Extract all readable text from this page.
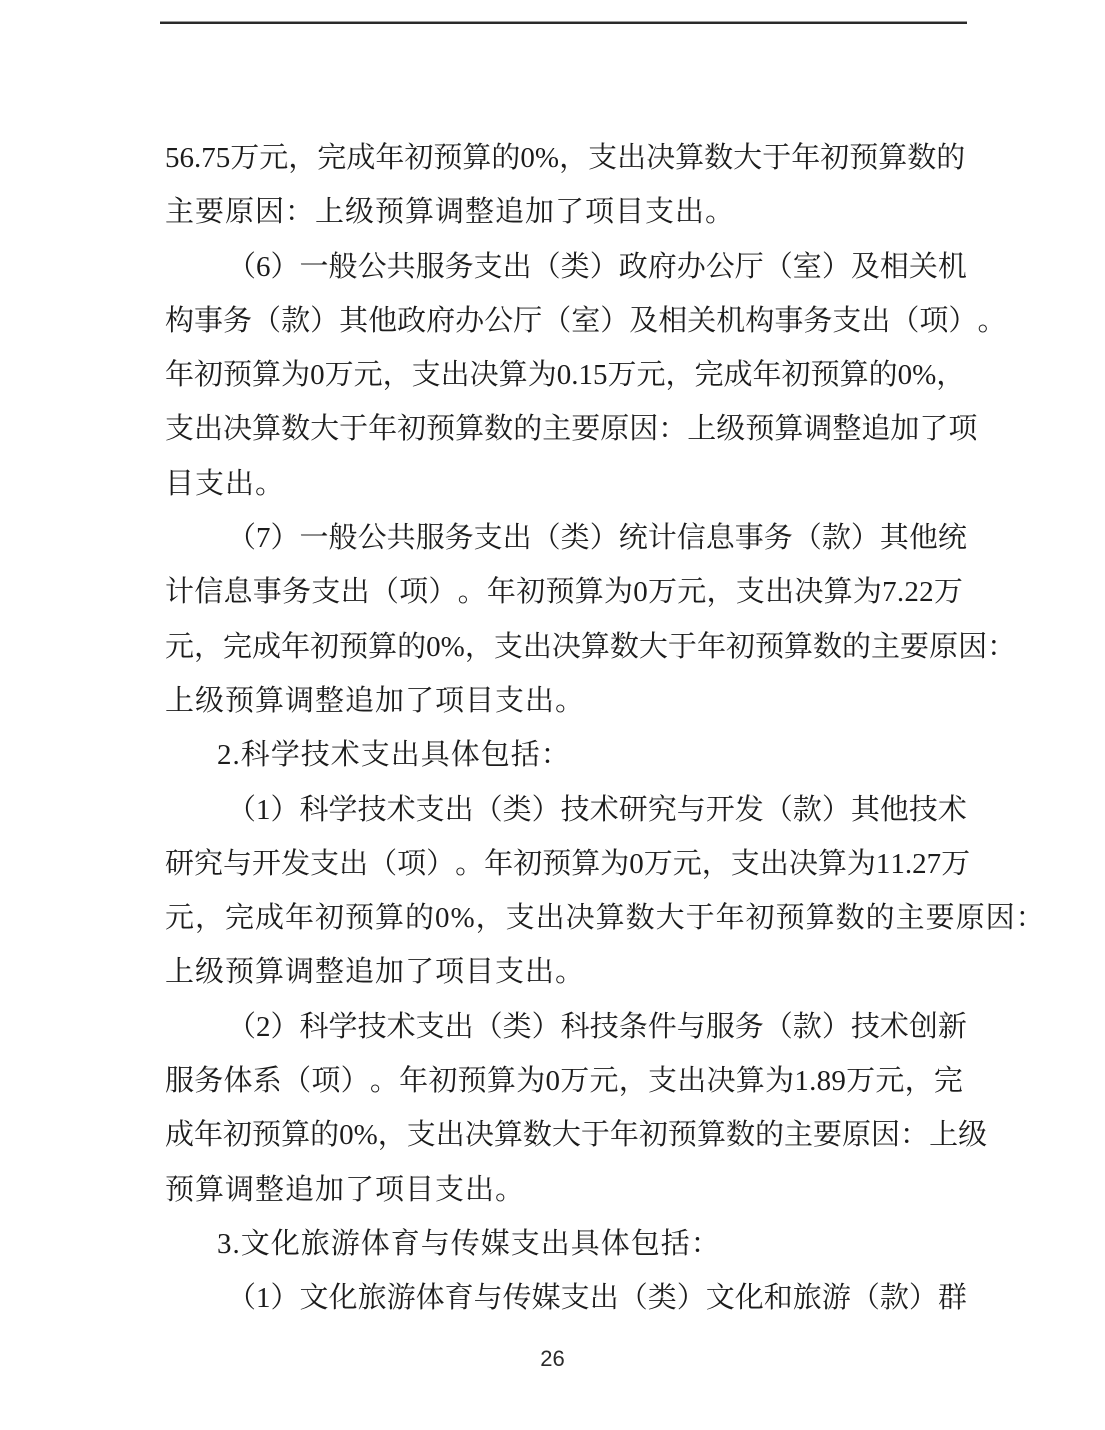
5 6 . 7 5 万 元 ， 完 成 年 初 预 算 的 0 % ， 支 出 决 算 数 大 于 年 初 预 算 数 的
主要原因：上级预算调整追加了项目支出。
（ 6 ） 一 般 公 共 服 务 支 出 （ 类 ） 政 府 办 公 厅 （ 室 ） 及 相 关 机
构 事 务 （ 款 ） 其 他 政 府 办 公 厅 （ 室 ） 及 相 关 机 构 事 务 支 出 （ 项 ） 。
年 初 预 算 为 0 万 元 ， 支 出 决 算 为 0 . 1 5 万 元 ， 完 成 年 初 预 算 的 0 % ，
支 出 决 算 数 大 于 年 初 预 算 数 的 主 要 原 因 ： 上 级 预 算 调 整 追 加 了 项
目支出。
（ 7 ） 一 般 公 共 服 务 支 出 （ 类 ） 统 计 信 息 事 务 （ 款 ） 其 他 统
计 信 息 事 务 支 出 （ 项 ） 。 年 初 预 算 为 0 万 元 ， 支 出 决 算 为 7 . 2 2 万
元 ， 完 成 年 初 预 算 的 0 % ， 支 出 决 算 数 大 于 年 初 预 算 数 的 主 要 原 因 ：
上级预算调整追加了项目支出。
2.科学技术支出具体包括：
（ 1 ） 科 学 技 术 支 出 （ 类 ） 技 术 研 究 与 开 发 （ 款 ） 其 他 技 术
研 究 与 开 发 支 出 （ 项 ） 。 年 初 预 算 为 0 万 元 ， 支 出 决 算 为 1 1 . 2 7 万
元，完成年初预算的0%，支出决算数大于年初预算数的主要原因：
上级预算调整追加了项目支出。
（ 2 ） 科 学 技 术 支 出 （ 类 ） 科 技 条 件 与 服 务 （ 款 ） 技 术 创 新
服 务 体 系 （ 项 ） 。 年 初 预 算 为 0 万 元 ， 支 出 决 算 为 1 . 8 9 万 元 ， 完
成 年 初 预 算 的 0 % ， 支 出 决 算 数 大 于 年 初 预 算 数 的 主 要 原 因 ： 上 级
预算调整追加了项目支出。
3.文化旅游体育与传媒支出具体包括：
（ 1 ） 文 化 旅 游 体 育 与 传 媒 支 出 （ 类 ） 文 化 和 旅 游 （ 款 ） 群
26
